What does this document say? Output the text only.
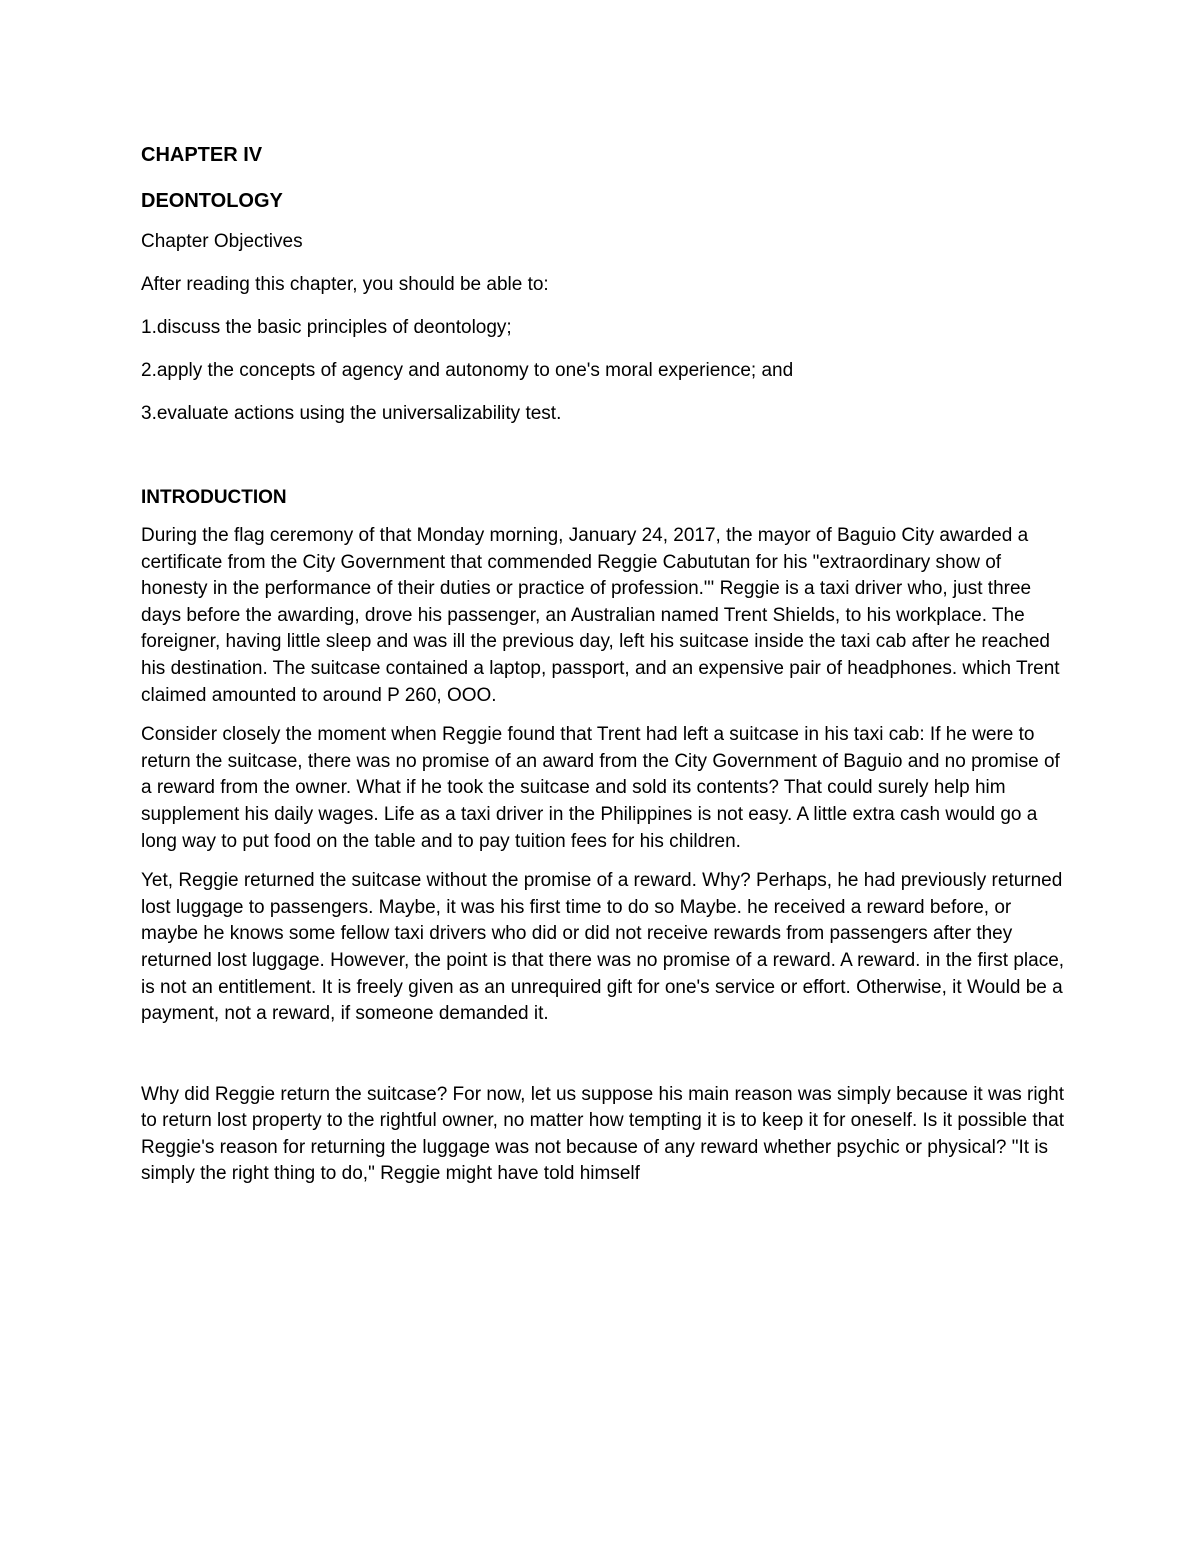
CHAPTER IV
DEONTOLOGY
Chapter Objectives
After reading this chapter, you should be able to:
1.discuss the basic principles of deontology;
2.apply the concepts of agency and autonomy to one's moral experience; and
3.evaluate actions using the universalizability test.
INTRODUCTION

During the flag ceremony of that Monday morning, January 24, 2017, the mayor of Baguio City awarded a certificate from the City Government that commended Reggie Cabututan for his "extraordinary show of honesty in the performance of their duties or practice of profession."' Reggie is a taxi driver who, just three days before the awarding, drove his passenger, an Australian named Trent Shields, to his workplace. The foreigner, having little sleep and was ill the previous day, left his suitcase inside the taxi cab after he reached his destination. The suitcase contained a laptop, passport, and an expensive pair of headphones. which Trent claimed amounted to around P 260, OOO.

Consider closely the moment when Reggie found that Trent had left a suitcase in his taxi cab: If he were to return the suitcase, there was no promise of an award from the City Government of Baguio and no promise of a reward from the owner. What if he took the suitcase and sold its contents? That could surely help him supplement his daily wages. Life as a taxi driver in the Philippines is not easy. A little extra cash would go a long way to put food on the table and to pay tuition fees for his children.

Yet, Reggie returned the suitcase without the promise of a reward. Why? Perhaps, he had previously returned lost luggage to passengers. Maybe, it was his first time to do so Maybe. he received a reward before, or maybe he knows some fellow taxi drivers who did or did not receive rewards from passengers after they returned lost luggage. However, the point is that there was no promise of a reward. A reward. in the first place, is not an entitlement. It is freely given as an unrequired gift for one's service or effort. Otherwise, it Would be a payment, not a reward, if someone demanded it.

Why did Reggie return the suitcase? For now, let us suppose his main reason was simply because it was right to return lost property to the rightful owner, no matter how tempting it is to keep it for oneself. Is it possible that Reggie's reason for returning the luggage was not because of any reward whether psychic or physical? "It is simply the right thing to do," Reggie might have told himself
